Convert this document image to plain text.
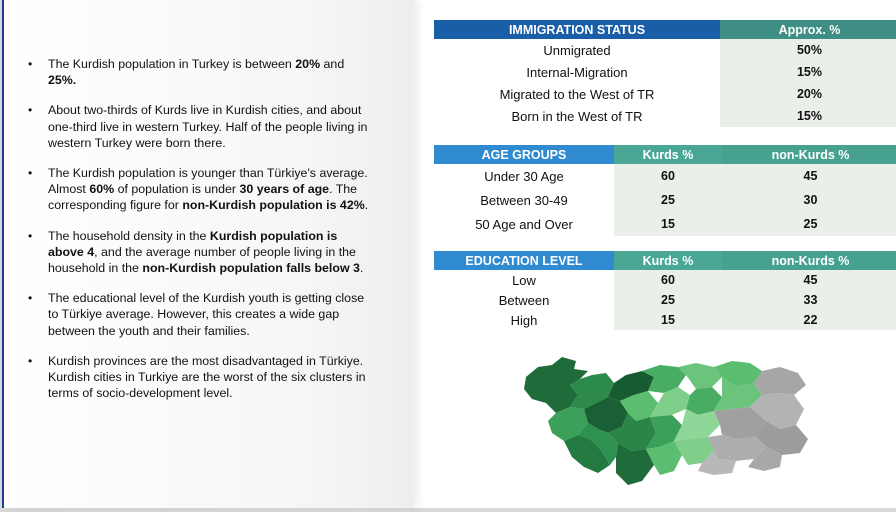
• The Kurdish population in Turkey is between 20% and 25%.
• About two-thirds of Kurds live in Kurdish cities, and about one-third live in western Turkey. Half of the people living in western Turkey were born there.
• The Kurdish population is younger than Türkiye's average. Almost 60% of population is under 30 years of age. The corresponding figure for non-Kurdish population is 42%.
• The household density in the Kurdish population is above 4, and the average number of people living in the household in the non-Kurdish population falls below 3.
• The educational level of the Kurdish youth is getting close to Türkiye average. However, this creates a wide gap between the youth and their families.
• Kurdish provinces are the most disadvantaged in Türkiye. Kurdish cities in Turkiye are the worst of the six clusters in terms of socio-development level.
IMMIGRATION STATUS	Approx. %
Unmigrated	50%
Internal-Migration	15%
Migrated to the West of TR	20%
Born in the West of TR	15%
AGE GROUPS	Kurds %	non-Kurds %
Under 30 Age	60	45
Between 30-49	25	30
50 Age and Over	15	25
EDUCATION LEVEL	Kurds %	non-Kurds %
Low	60	45
Between	25	33
High	15	22
